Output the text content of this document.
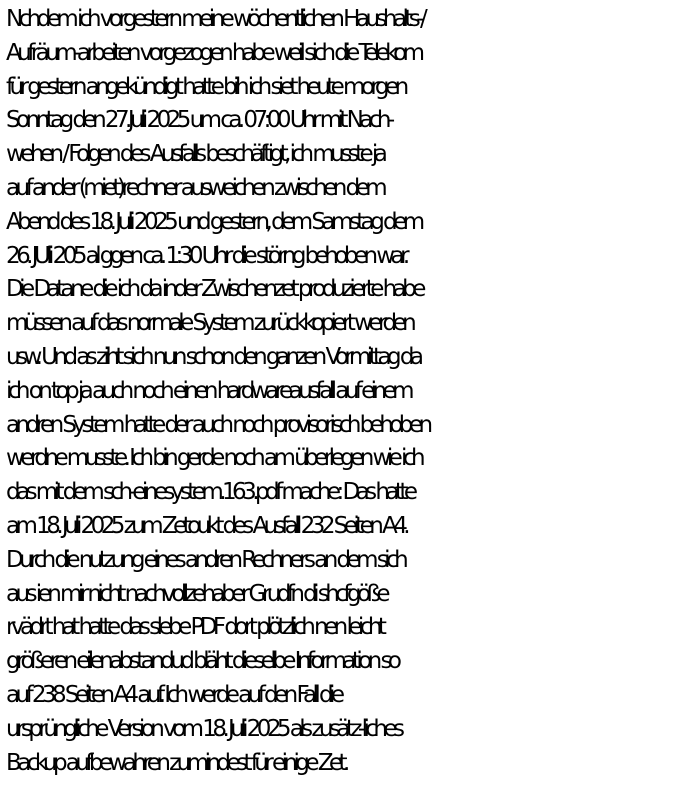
Nchdem ich vorgestern meine wöchentlichen Haushalts-/
Aufräum-arbeiten vorgezogen habe weil sich die Telekom
für gestern angekündigt hatte bih ich siet heute morgen
Sonntag den 27.Juli 2025 um ca. 07:00 Uhr mit Nach-
wehen / Folgen des Ausfalls beschäftigt, ich musste ja
auf ander (miet)rechner ausweichen zwischen dem
Abend des 18. Juli 2025 und gestern, dem Samstag dem
26. JUli 205 al ggen ca. 1:30 Uhr die störng behoben war.
Die Datane die ich da inder Zwischenzet produzierte habe
müssen auf das normale System zurückkopiert werden
usw. Und as ziht sich nun schon den ganzen Vormittag da
ich on top ja auch noch einen hardwareausfall auf einem
andren System hatte der auch noch provisorisch behoben
werdne musste. Ich bin gerde noch am überlegen wie ich
das mit dem sch-einesystem.163.pdf mache: Das hatte
am 18. Juli 2025 zum Zetoukt des Ausfall 232 Seiten A4.
Durch die nutzung eines andren Rechners an dem sich
aus ien mir nicht nachvollzehaber Grudfn di shcfgöße
rvädrt hat hatte das slebe PDF dort plötzlich nen leicht
größeren eilenabstandud bläht dieselbe Information so
auf 238 Seiten A4 auf. Ich werde auf den Fall die
ursprüngliche Version vom 18. Juli 2025 als zusätz-liches
Backup aufbewahren zumindest für einige Zet.
